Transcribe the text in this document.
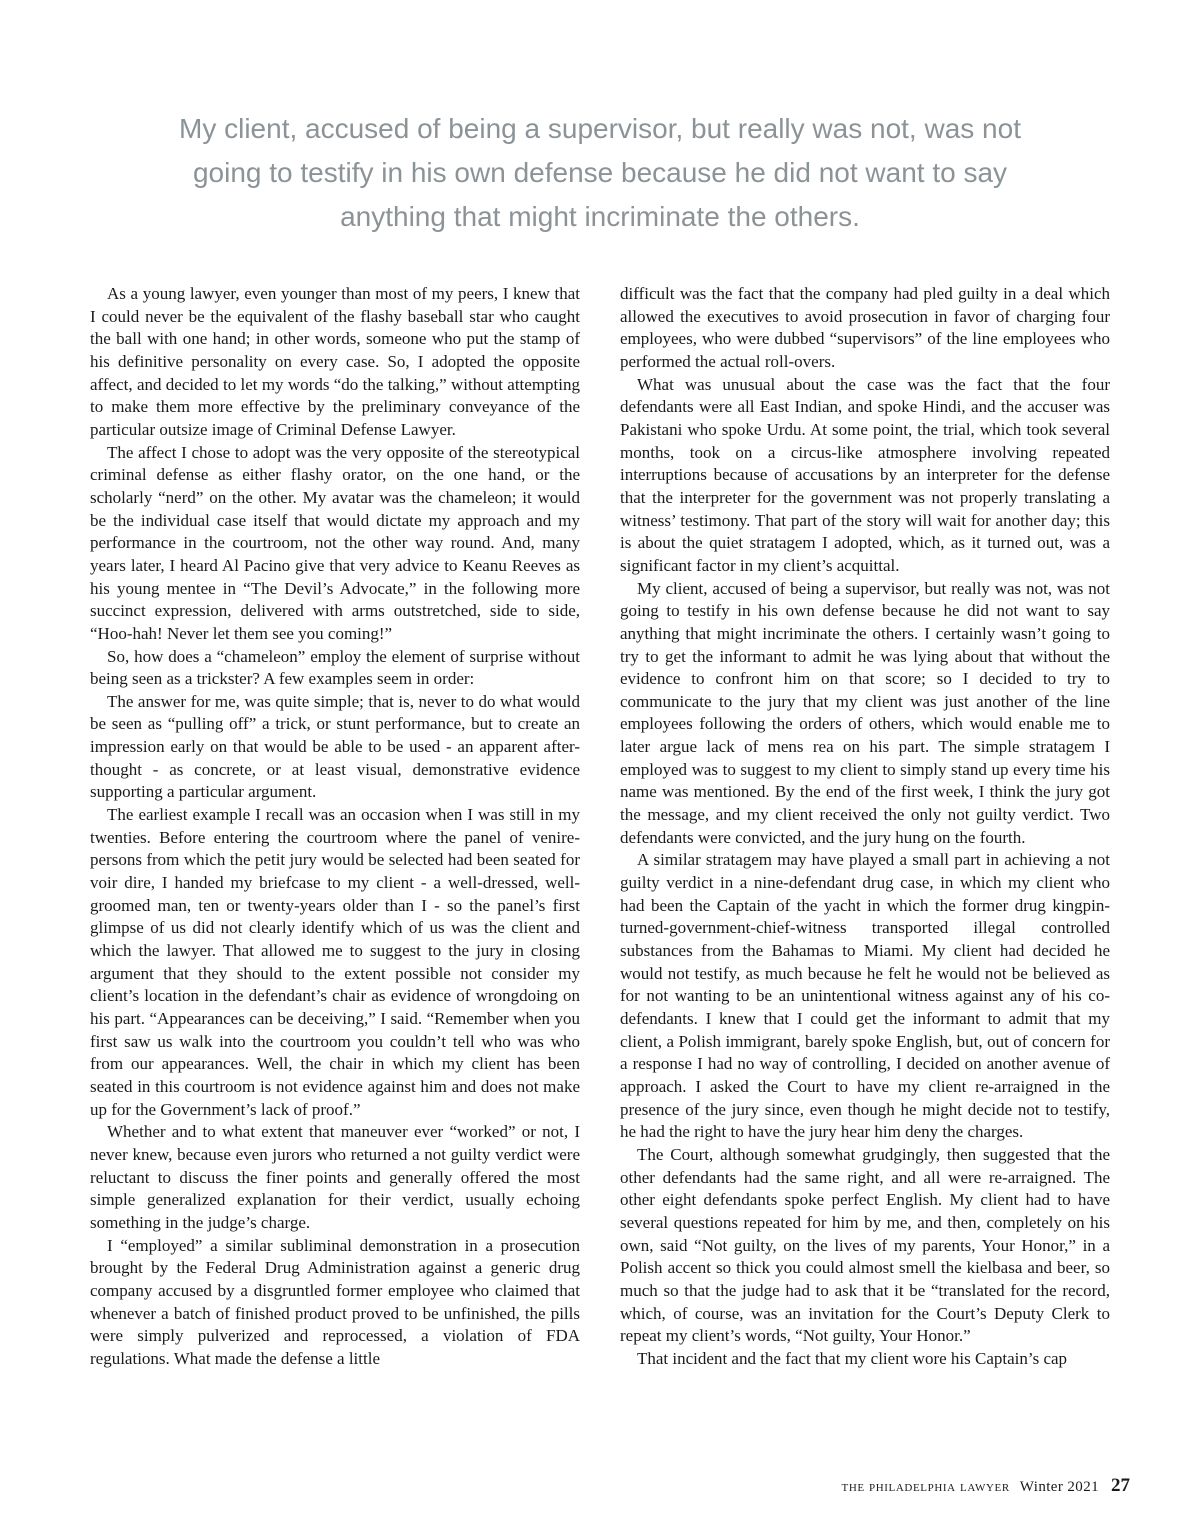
My client, accused of being a supervisor, but really was not, was not going to testify in his own defense because he did not want to say anything that might incriminate the others.

As a young lawyer, even younger than most of my peers, I knew that I could never be the equivalent of the flashy baseball star who caught the ball with one hand; in other words, someone who put the stamp of his definitive personality on every case. So, I adopted the opposite affect, and decided to let my words “do the talking,” without attempting to make them more effective by the preliminary conveyance of the particular outsize image of Criminal Defense Lawyer.

The affect I chose to adopt was the very opposite of the stereotypical criminal defense as either flashy orator, on the one hand, or the scholarly “nerd” on the other. My avatar was the chameleon; it would be the individual case itself that would dictate my approach and my performance in the courtroom, not the other way round. And, many years later, I heard Al Pacino give that very advice to Keanu Reeves as his young mentee in “The Devil’s Advocate,” in the following more succinct expression, delivered with arms outstretched, side to side, “Hoo-hah! Never let them see you coming!”

So, how does a “chameleon” employ the element of surprise without being seen as a trickster? A few examples seem in order:

The answer for me, was quite simple; that is, never to do what would be seen as “pulling off” a trick, or stunt performance, but to create an impression early on that would be able to be used - an apparent after-thought - as concrete, or at least visual, demonstrative evidence supporting a particular argument.

The earliest example I recall was an occasion when I was still in my twenties. Before entering the courtroom where the panel of venire-persons from which the petit jury would be selected had been seated for voir dire, I handed my briefcase to my client - a well-dressed, well-groomed man, ten or twenty-years older than I - so the panel’s first glimpse of us did not clearly identify which of us was the client and which the lawyer. That allowed me to suggest to the jury in closing argument that they should to the extent possible not consider my client’s location in the defendant’s chair as evidence of wrongdoing on his part. “Appearances can be deceiving,” I said. “Remember when you first saw us walk into the courtroom you couldn’t tell who was who from our appearances. Well, the chair in which my client has been seated in this courtroom is not evidence against him and does not make up for the Government’s lack of proof.”

Whether and to what extent that maneuver ever “worked” or not, I never knew, because even jurors who returned a not guilty verdict were reluctant to discuss the finer points and generally offered the most simple generalized explanation for their verdict, usually echoing something in the judge’s charge.

I “employed” a similar subliminal demonstration in a prosecution brought by the Federal Drug Administration against a generic drug company accused by a disgruntled former employee who claimed that whenever a batch of finished product proved to be unfinished, the pills were simply pulverized and reprocessed, a violation of FDA regulations. What made the defense a little

difficult was the fact that the company had pled guilty in a deal which allowed the executives to avoid prosecution in favor of charging four employees, who were dubbed “supervisors” of the line employees who performed the actual roll-overs.

What was unusual about the case was the fact that the four defendants were all East Indian, and spoke Hindi, and the accuser was Pakistani who spoke Urdu. At some point, the trial, which took several months, took on a circus-like atmosphere involving repeated interruptions because of accusations by an interpreter for the defense that the interpreter for the government was not properly translating a witness’ testimony. That part of the story will wait for another day; this is about the quiet stratagem I adopted, which, as it turned out, was a significant factor in my client’s acquittal.

My client, accused of being a supervisor, but really was not, was not going to testify in his own defense because he did not want to say anything that might incriminate the others. I certainly wasn’t going to try to get the informant to admit he was lying about that without the evidence to confront him on that score; so I decided to try to communicate to the jury that my client was just another of the line employees following the orders of others, which would enable me to later argue lack of mens rea on his part. The simple stratagem I employed was to suggest to my client to simply stand up every time his name was mentioned. By the end of the first week, I think the jury got the message, and my client received the only not guilty verdict. Two defendants were convicted, and the jury hung on the fourth.

A similar stratagem may have played a small part in achieving a not guilty verdict in a nine-defendant drug case, in which my client who had been the Captain of the yacht in which the former drug kingpin-turned-government-chief-witness transported illegal controlled substances from the Bahamas to Miami. My client had decided he would not testify, as much because he felt he would not be believed as for not wanting to be an unintentional witness against any of his co-defendants. I knew that I could get the informant to admit that my client, a Polish immigrant, barely spoke English, but, out of concern for a response I had no way of controlling, I decided on another avenue of approach. I asked the Court to have my client re-arraigned in the presence of the jury since, even though he might decide not to testify, he had the right to have the jury hear him deny the charges.

The Court, although somewhat grudgingly, then suggested that the other defendants had the same right, and all were re-arraigned. The other eight defendants spoke perfect English. My client had to have several questions repeated for him by me, and then, completely on his own, said “Not guilty, on the lives of my parents, Your Honor,” in a Polish accent so thick you could almost smell the kielbasa and beer, so much so that the judge had to ask that it be “translated for the record, which, of course, was an invitation for the Court’s Deputy Clerk to repeat my client’s words, “Not guilty, Your Honor.”

That incident and the fact that my client wore his Captain’s cap

the philadelphia lawyer Winter 2021 27
